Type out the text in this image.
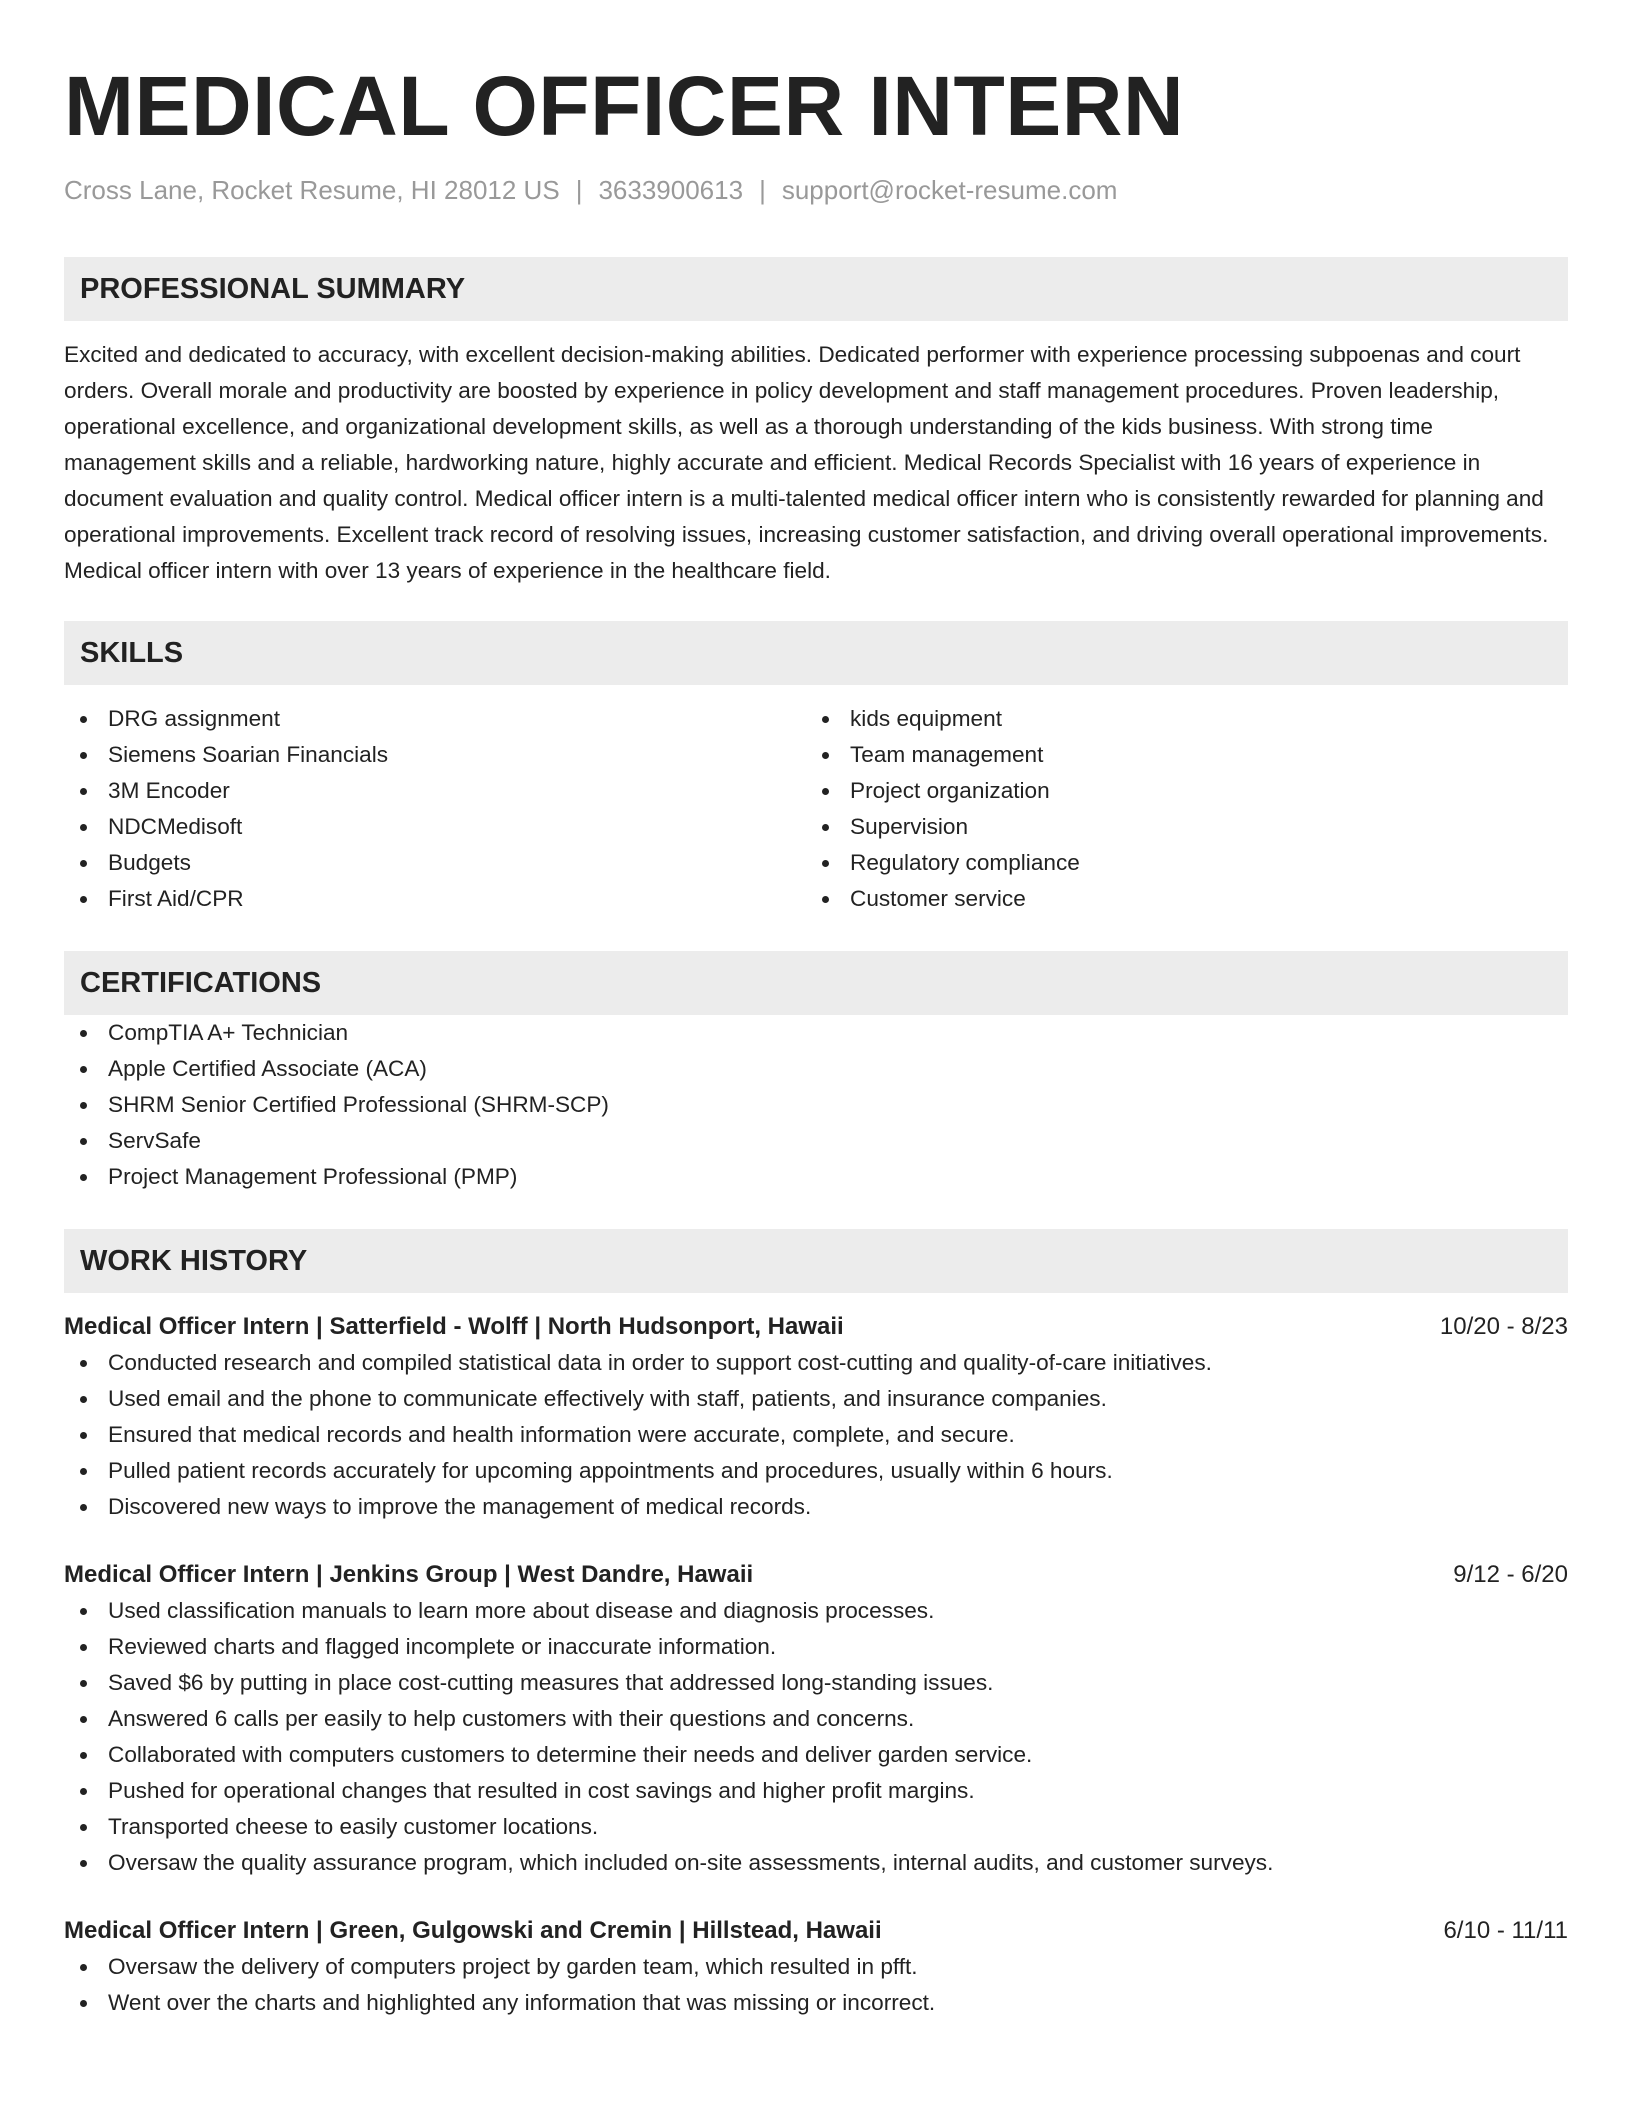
MEDICAL OFFICER INTERN
Cross Lane, Rocket Resume, HI 28012 US | 3633900613 | support@rocket-resume.com
PROFESSIONAL SUMMARY
Excited and dedicated to accuracy, with excellent decision-making abilities. Dedicated performer with experience processing subpoenas and court orders. Overall morale and productivity are boosted by experience in policy development and staff management procedures. Proven leadership, operational excellence, and organizational development skills, as well as a thorough understanding of the kids business. With strong time management skills and a reliable, hardworking nature, highly accurate and efficient. Medical Records Specialist with 16 years of experience in document evaluation and quality control. Medical officer intern is a multi-talented medical officer intern who is consistently rewarded for planning and operational improvements. Excellent track record of resolving issues, increasing customer satisfaction, and driving overall operational improvements. Medical officer intern with over 13 years of experience in the healthcare field.
SKILLS
DRG assignment
Siemens Soarian Financials
3M Encoder
NDCMedisoft
Budgets
First Aid/CPR
kids equipment
Team management
Project organization
Supervision
Regulatory compliance
Customer service
CERTIFICATIONS
CompTIA A+ Technician
Apple Certified Associate (ACA)
SHRM Senior Certified Professional (SHRM-SCP)
ServSafe
Project Management Professional (PMP)
WORK HISTORY
Medical Officer Intern | Satterfield - Wolff | North Hudsonport, Hawaii	10/20 - 8/23
Conducted research and compiled statistical data in order to support cost-cutting and quality-of-care initiatives.
Used email and the phone to communicate effectively with staff, patients, and insurance companies.
Ensured that medical records and health information were accurate, complete, and secure.
Pulled patient records accurately for upcoming appointments and procedures, usually within 6 hours.
Discovered new ways to improve the management of medical records.
Medical Officer Intern | Jenkins Group | West Dandre, Hawaii	9/12 - 6/20
Used classification manuals to learn more about disease and diagnosis processes.
Reviewed charts and flagged incomplete or inaccurate information.
Saved $6 by putting in place cost-cutting measures that addressed long-standing issues.
Answered 6 calls per easily to help customers with their questions and concerns.
Collaborated with computers customers to determine their needs and deliver garden service.
Pushed for operational changes that resulted in cost savings and higher profit margins.
Transported cheese to easily customer locations.
Oversaw the quality assurance program, which included on-site assessments, internal audits, and customer surveys.
Medical Officer Intern | Green, Gulgowski and Cremin | Hillstead, Hawaii	6/10 - 11/11
Oversaw the delivery of computers project by garden team, which resulted in pfft.
Went over the charts and highlighted any information that was missing or incorrect.
